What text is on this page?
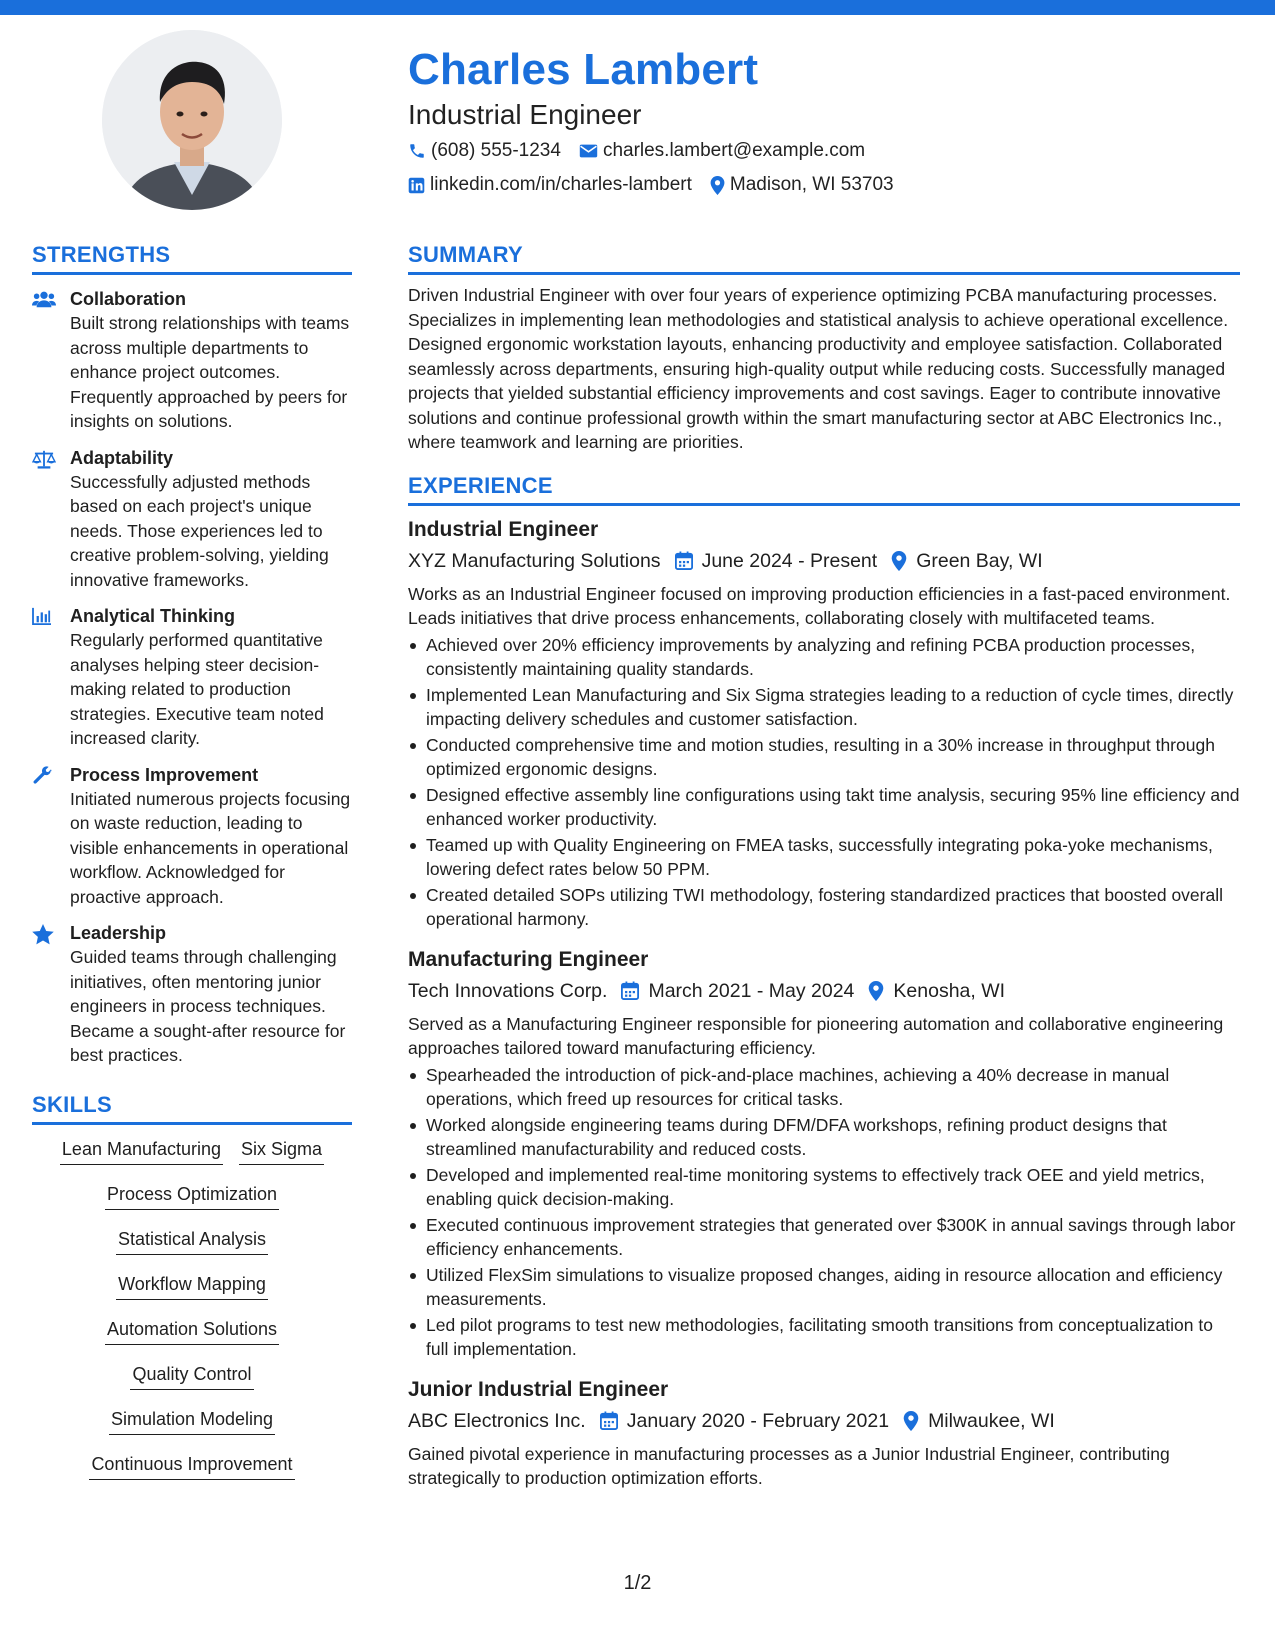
Charles Lambert
Industrial Engineer
(608) 555-1234 charles.lambert@example.com
linkedin.com/in/charles-lambert Madison, WI 53703
STRENGTHS
Collaboration
Built strong relationships with teams across multiple departments to enhance project outcomes. Frequently approached by peers for insights on solutions.
Adaptability
Successfully adjusted methods based on each project's unique needs. Those experiences led to creative problem-solving, yielding innovative frameworks.
Analytical Thinking
Regularly performed quantitative analyses helping steer decision-making related to production strategies. Executive team noted increased clarity.
Process Improvement
Initiated numerous projects focusing on waste reduction, leading to visible enhancements in operational workflow. Acknowledged for proactive approach.
Leadership
Guided teams through challenging initiatives, often mentoring junior engineers in process techniques. Became a sought-after resource for best practices.
SKILLS
Lean Manufacturing Six Sigma
Process Optimization
Statistical Analysis
Workflow Mapping
Automation Solutions
Quality Control
Simulation Modeling
Continuous Improvement
SUMMARY
Driven Industrial Engineer with over four years of experience optimizing PCBA manufacturing processes. Specializes in implementing lean methodologies and statistical analysis to achieve operational excellence. Designed ergonomic workstation layouts, enhancing productivity and employee satisfaction. Collaborated seamlessly across departments, ensuring high-quality output while reducing costs. Successfully managed projects that yielded substantial efficiency improvements and cost savings. Eager to contribute innovative solutions and continue professional growth within the smart manufacturing sector at ABC Electronics Inc., where teamwork and learning are priorities.
EXPERIENCE
Industrial Engineer
XYZ Manufacturing Solutions June 2024 - Present Green Bay, WI
Works as an Industrial Engineer focused on improving production efficiencies in a fast-paced environment. Leads initiatives that drive process enhancements, collaborating closely with multifaceted teams.
Achieved over 20% efficiency improvements by analyzing and refining PCBA production processes, consistently maintaining quality standards.
Implemented Lean Manufacturing and Six Sigma strategies leading to a reduction of cycle times, directly impacting delivery schedules and customer satisfaction.
Conducted comprehensive time and motion studies, resulting in a 30% increase in throughput through optimized ergonomic designs.
Designed effective assembly line configurations using takt time analysis, securing 95% line efficiency and enhanced worker productivity.
Teamed up with Quality Engineering on FMEA tasks, successfully integrating poka-yoke mechanisms, lowering defect rates below 50 PPM.
Created detailed SOPs utilizing TWI methodology, fostering standardized practices that boosted overall operational harmony.
Manufacturing Engineer
Tech Innovations Corp. March 2021 - May 2024 Kenosha, WI
Served as a Manufacturing Engineer responsible for pioneering automation and collaborative engineering approaches tailored toward manufacturing efficiency.
Spearheaded the introduction of pick-and-place machines, achieving a 40% decrease in manual operations, which freed up resources for critical tasks.
Worked alongside engineering teams during DFM/DFA workshops, refining product designs that streamlined manufacturability and reduced costs.
Developed and implemented real-time monitoring systems to effectively track OEE and yield metrics, enabling quick decision-making.
Executed continuous improvement strategies that generated over $300K in annual savings through labor efficiency enhancements.
Utilized FlexSim simulations to visualize proposed changes, aiding in resource allocation and efficiency measurements.
Led pilot programs to test new methodologies, facilitating smooth transitions from conceptualization to full implementation.
Junior Industrial Engineer
ABC Electronics Inc. January 2020 - February 2021 Milwaukee, WI
Gained pivotal experience in manufacturing processes as a Junior Industrial Engineer, contributing strategically to production optimization efforts.
1/2
